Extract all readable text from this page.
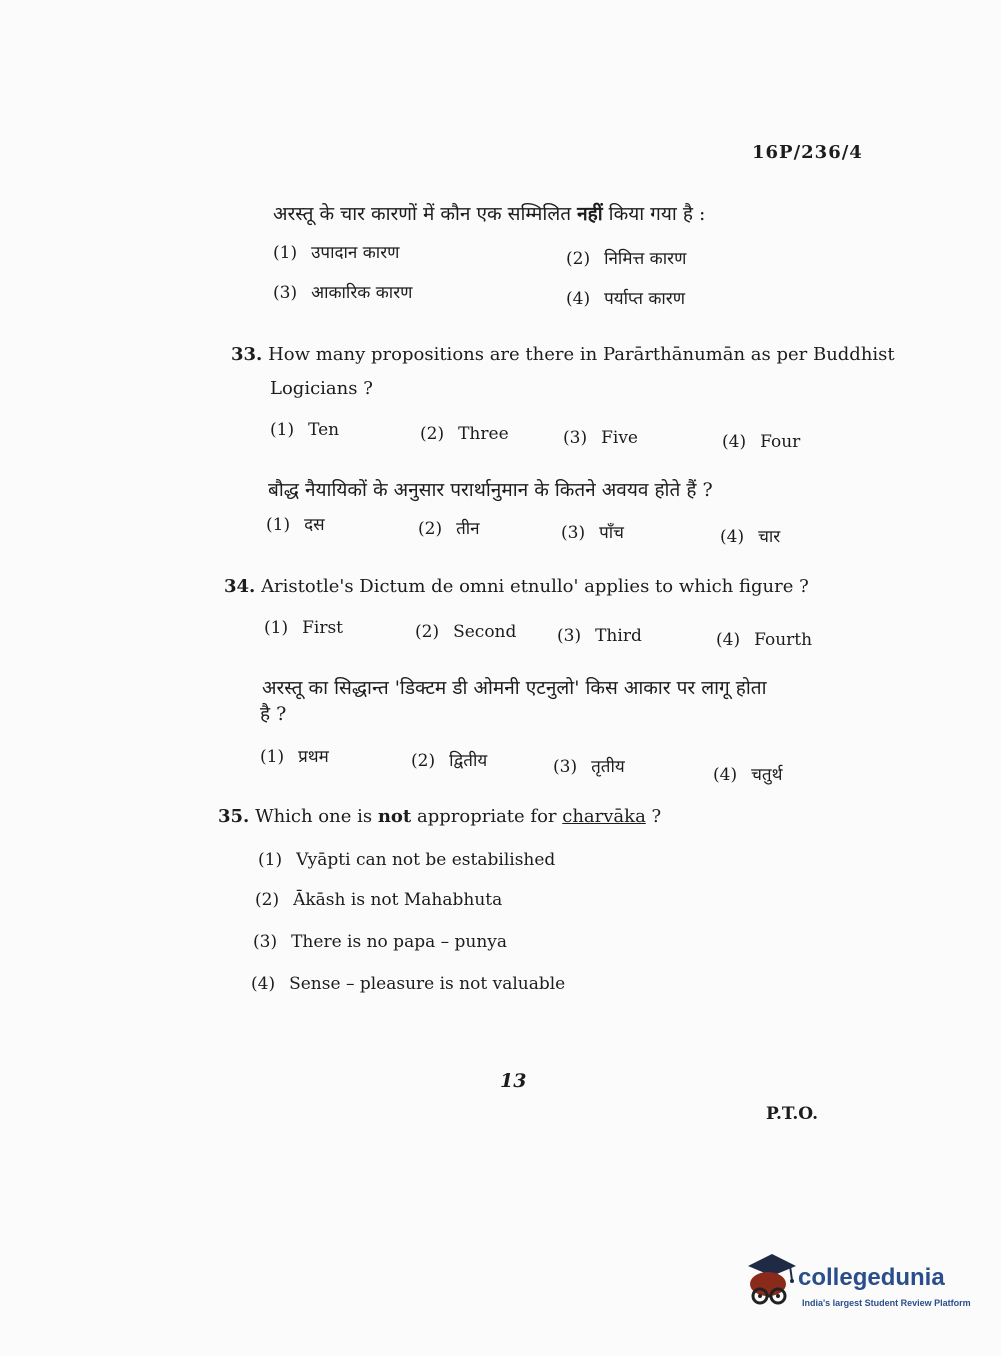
16P/236/4
अरस्तू के चार कारणों में कौन एक सम्मिलित नहीं किया गया है :
(1) उपादान कारण	(2) निमित्त कारण
(3) आकारिक कारण	(4) पर्याप्त कारण
33. How many propositions are there in Parārthānumān as per Buddhist
Logicians ?
(1) Ten	(2) Three	(3) Five	(4) Four
बौद्ध नैयायिकों के अनुसार परार्थानुमान के कितने अवयव होते हैं ?
(1) दस	(2) तीन	(3) पाँच	(4) चार
34. Aristotle's Dictum de omni etnullo' applies to which figure ?
(1) First	(2) Second (3) Third	(4) Fourth
अरस्तू का सिद्धान्त 'डिक्टम डी ओमनी एटनुलो' किस आकार पर लागू होता
है ?
(1) प्रथम	(2) द्वितीय	(3) तृतीय	(4) चतुर्थ
35. Which one is not appropriate for charvāka ?
(1) Vyāpti can not be estabilished
(2) Ākāsh is not Mahabhuta
(3) There is no papa – punya
(4) Sense – pleasure is not valuable
13
P.T.O.
collegedunia
India's largest Student Review Platform
